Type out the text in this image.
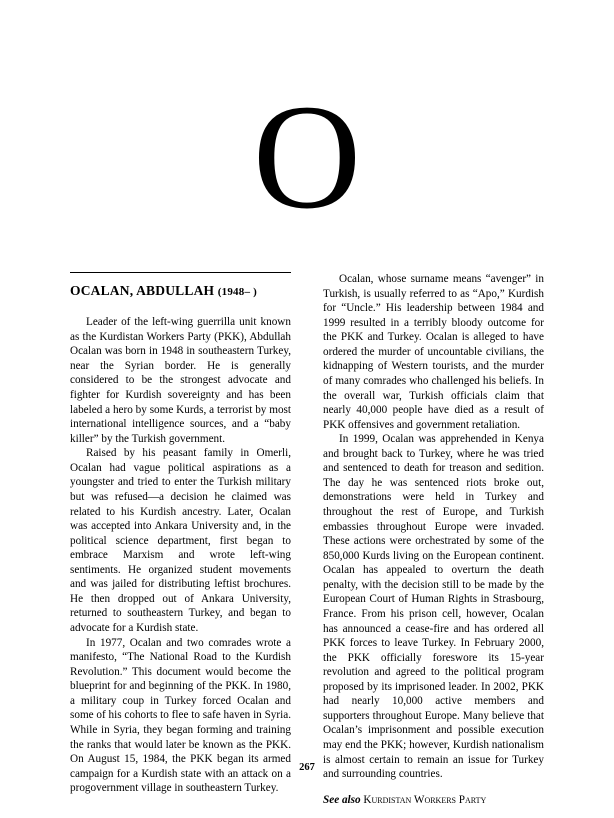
O
OCALAN, ABDULLAH (1948– )

Leader of the left-wing guerrilla unit known as the Kurdistan Workers Party (PKK), Abdullah Ocalan was born in 1948 in southeastern Turkey, near the Syrian border. He is generally considered to be the strongest advocate and fighter for Kurdish sovereignty and has been labeled a hero by some Kurds, a terrorist by most international intelligence sources, and a “baby killer” by the Turkish government.

Raised by his peasant family in Omerli, Ocalan had vague political aspirations as a youngster and tried to enter the Turkish military but was refused—a decision he claimed was related to his Kurdish ancestry. Later, Ocalan was accepted into Ankara University and, in the political science department, first began to embrace Marxism and wrote left-wing sentiments. He organized student movements and was jailed for distributing leftist brochures. He then dropped out of Ankara University, returned to southeastern Turkey, and began to advocate for a Kurdish state.

In 1977, Ocalan and two comrades wrote a manifesto, “The National Road to the Kurdish Revolution.” This document would become the blueprint for and beginning of the PKK. In 1980, a military coup in Turkey forced Ocalan and some of his cohorts to flee to safe haven in Syria. While in Syria, they began forming and training the ranks that would later be known as the PKK. On August 15, 1984, the PKK began its armed campaign for a Kurdish state with an attack on a progovernment village in southeastern Turkey.

Ocalan, whose surname means “avenger” in Turkish, is usually referred to as “Apo,” Kurdish for “Uncle.” His leadership between 1984 and 1999 resulted in a terribly bloody outcome for the PKK and Turkey. Ocalan is alleged to have ordered the murder of uncountable civilians, the kidnapping of Western tourists, and the murder of many comrades who challenged his beliefs. In the overall war, Turkish officials claim that nearly 40,000 people have died as a result of PKK offensives and government retaliation.

In 1999, Ocalan was apprehended in Kenya and brought back to Turkey, where he was tried and sentenced to death for treason and sedition. The day he was sentenced riots broke out, demonstrations were held in Turkey and throughout the rest of Europe, and Turkish embassies throughout Europe were invaded. These actions were orchestrated by some of the 850,000 Kurds living on the European continent. Ocalan has appealed to overturn the death penalty, with the decision still to be made by the European Court of Human Rights in Strasbourg, France. From his prison cell, however, Ocalan has announced a cease-fire and has ordered all PKK forces to leave Turkey. In February 2000, the PKK officially foreswore its 15-year revolution and agreed to the political program proposed by its imprisoned leader. In 2002, PKK had nearly 10,000 active members and supporters throughout Europe. Many believe that Ocalan’s imprisonment and possible execution may end the PKK; however, Kurdish nationalism is almost certain to remain an issue for Turkey and surrounding countries.

See also Kurdistan Workers Party

267
